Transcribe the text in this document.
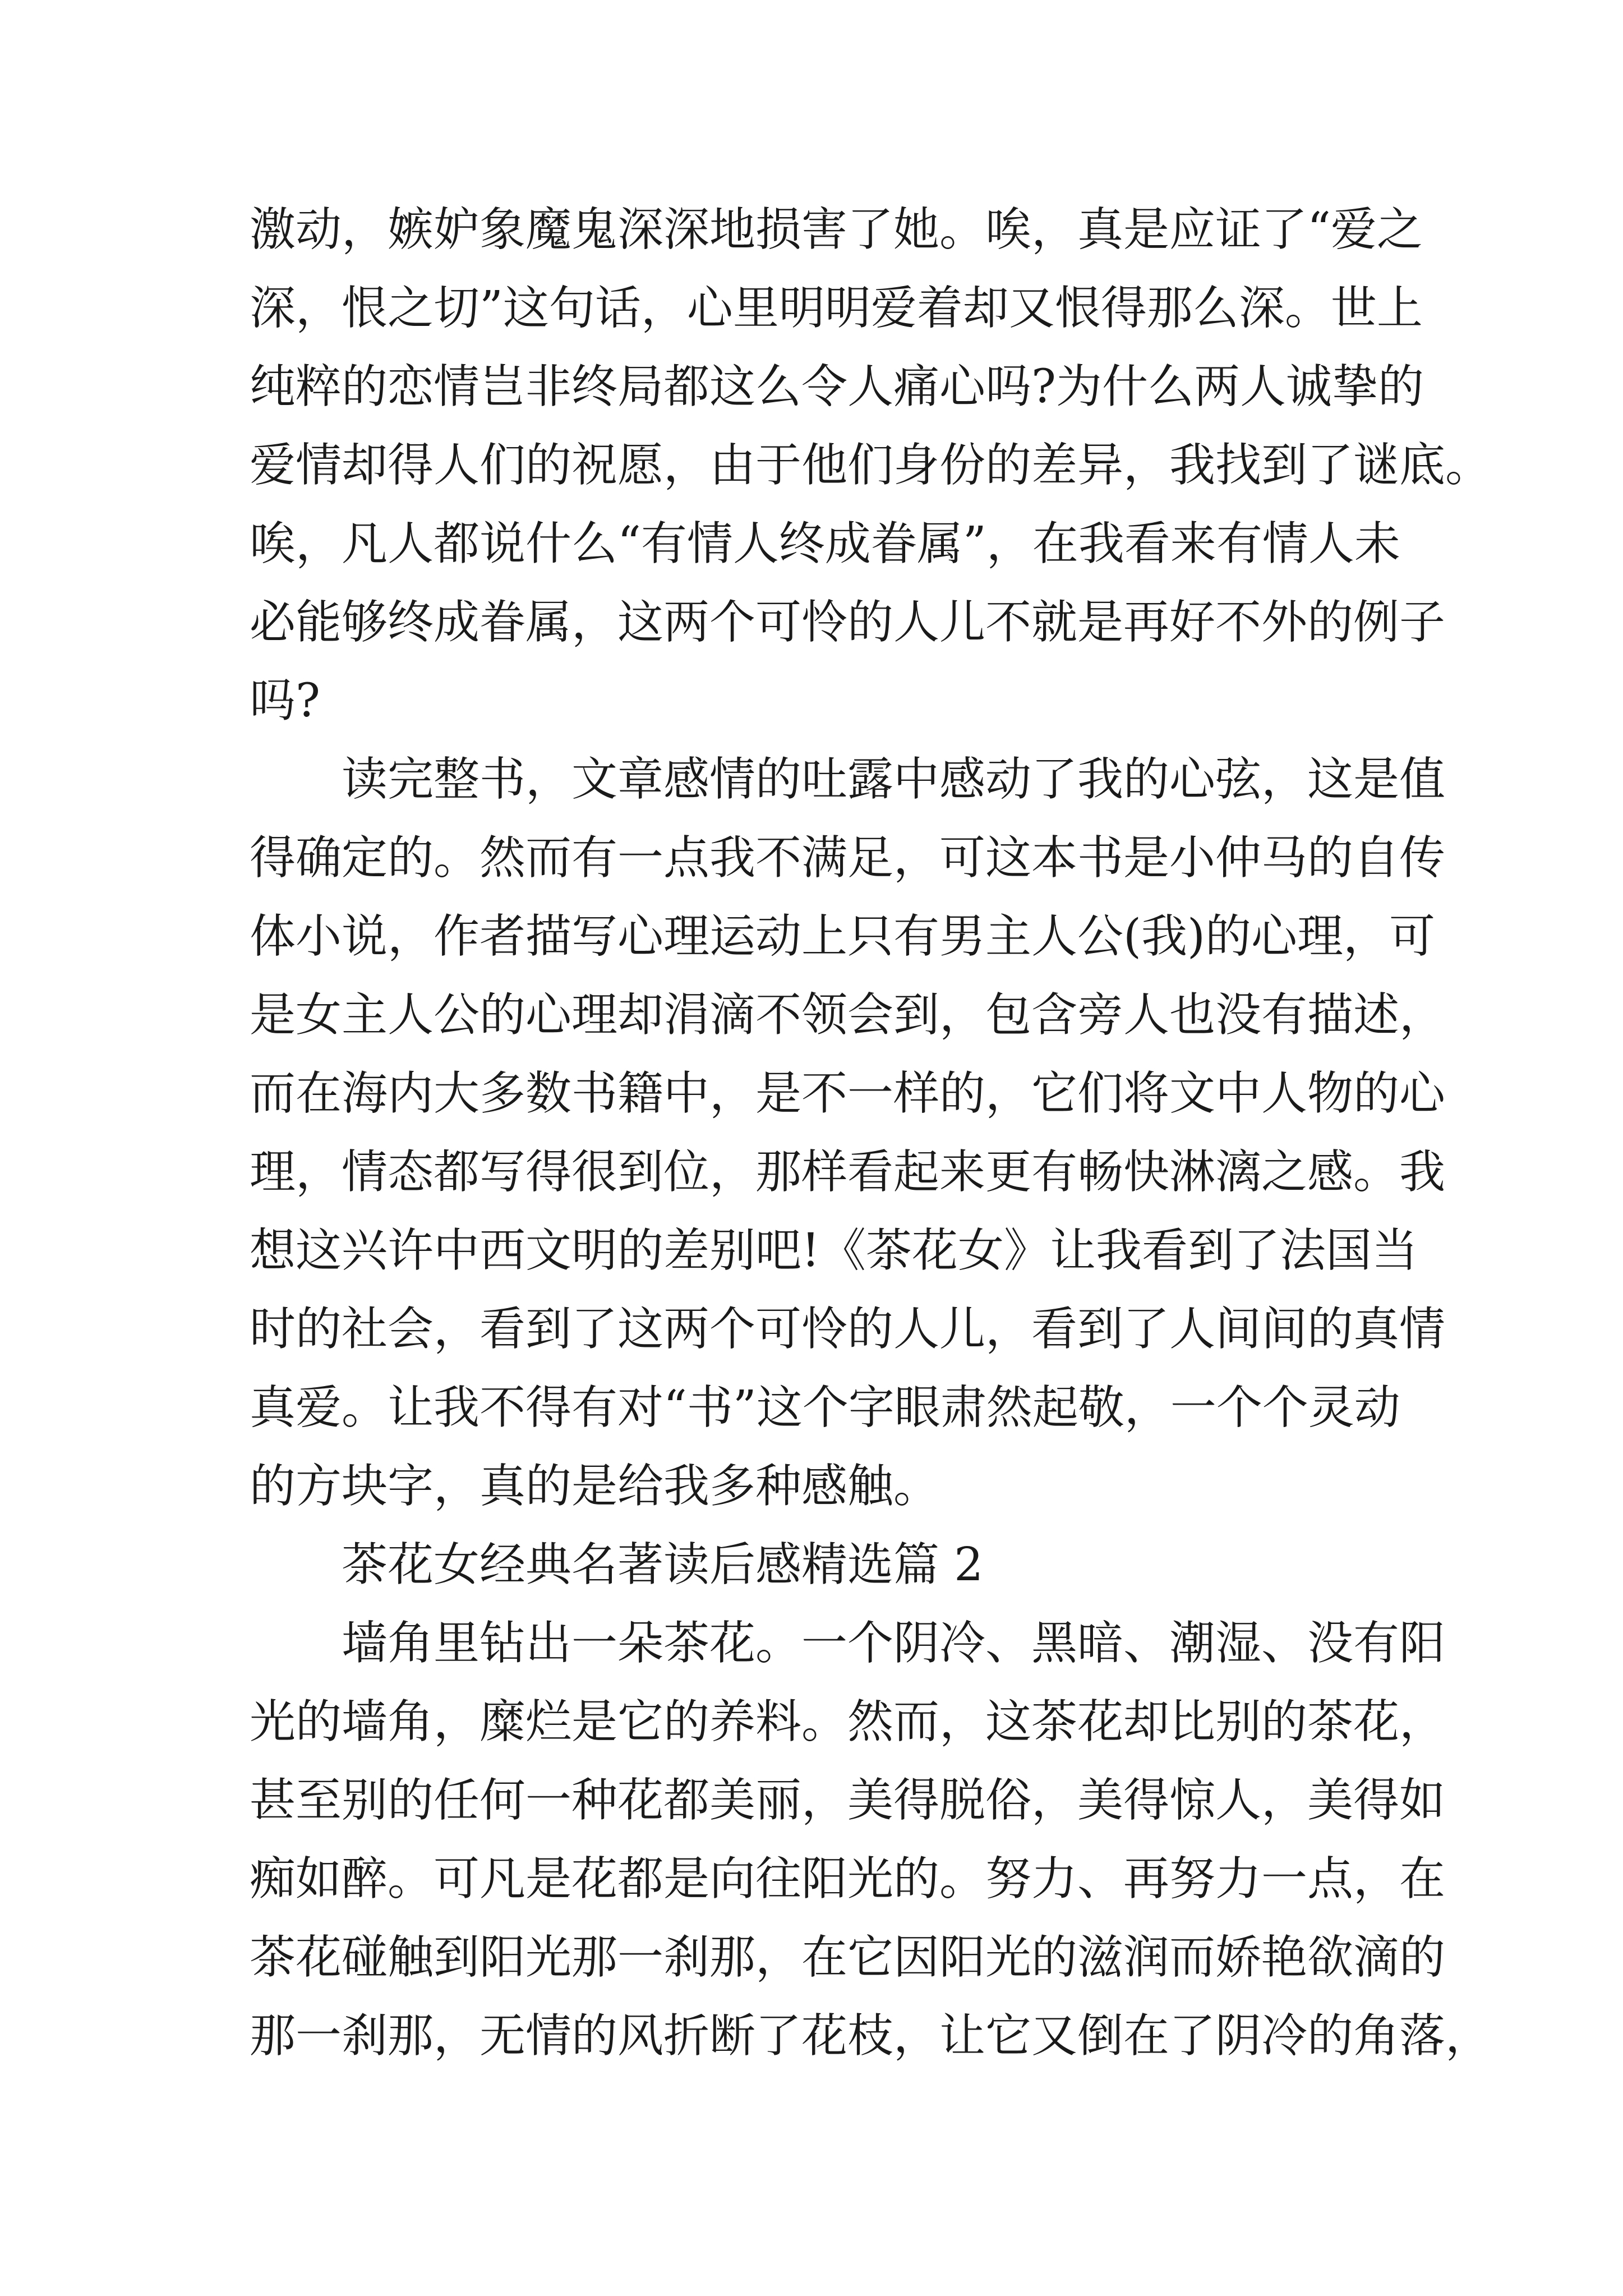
激动，嫉妒象魔鬼深深地损害了她。唉，真是应证了“爱之
深，恨之切”这句话，心里明明爱着却又恨得那么深。世上
纯粹的恋情岂非终局都这么令人痛心吗?为什么两人诚挚的
爱情却得人们的祝愿，由于他们身份的差异，我找到了谜底。
唉，凡人都说什么“有情人终成眷属”，在我看来有情人未
必能够终成眷属，这两个可怜的人儿不就是再好不外的例子
吗?
读完整书，文章感情的吐露中感动了我的心弦，这是值
得确定的。然而有一点我不满足，可这本书是小仲马的自传
体小说，作者描写心理运动上只有男主人公(我)的心理，可
是女主人公的心理却涓滴不领会到，包含旁人也没有描述，
而在海内大多数书籍中，是不一样的，它们将文中人物的心
理，情态都写得很到位，那样看起来更有畅快淋漓之感。我
想这兴许中西文明的差别吧!《茶花女》让我看到了法国当
时的社会，看到了这两个可怜的人儿，看到了人间间的真情
真爱。让我不得有对“书”这个字眼肃然起敬，一个个灵动
的方块字，真的是给我多种感触。
茶花女经典名著读后感精选篇 2
墙角里钻出一朵茶花。一个阴冷、黑暗、潮湿、没有阳
光的墙角，糜烂是它的养料。然而，这茶花却比别的茶花，
甚至别的任何一种花都美丽，美得脱俗，美得惊人，美得如
痴如醉。可凡是花都是向往阳光的。努力、再努力一点，在
茶花碰触到阳光那一刹那，在它因阳光的滋润而娇艳欲滴的
那一刹那，无情的风折断了花枝，让它又倒在了阴冷的角落，
